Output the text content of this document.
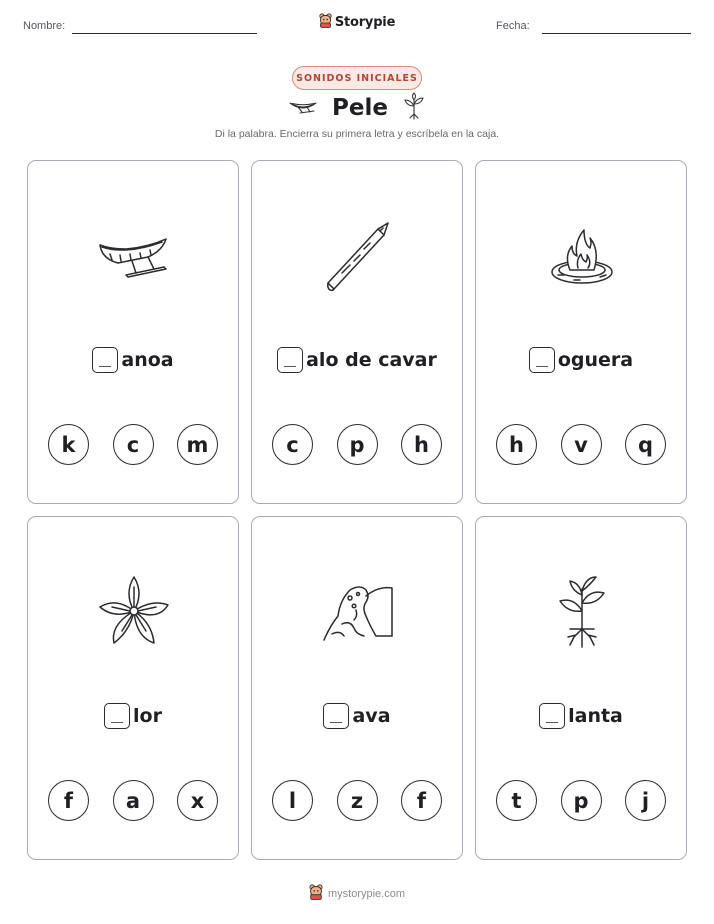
Nombre:	Fecha:
Storypie
SONIDOS INICIALES
Pele
Di la palabra. Encierra su primera letra y escríbela en la caja.
anoa
k	c	m
alo de cavar
c	p	h
oguera
h	v	q
lor
f	a	x
ava
l	z	f
lanta
t	p	j
mystorypie.com
